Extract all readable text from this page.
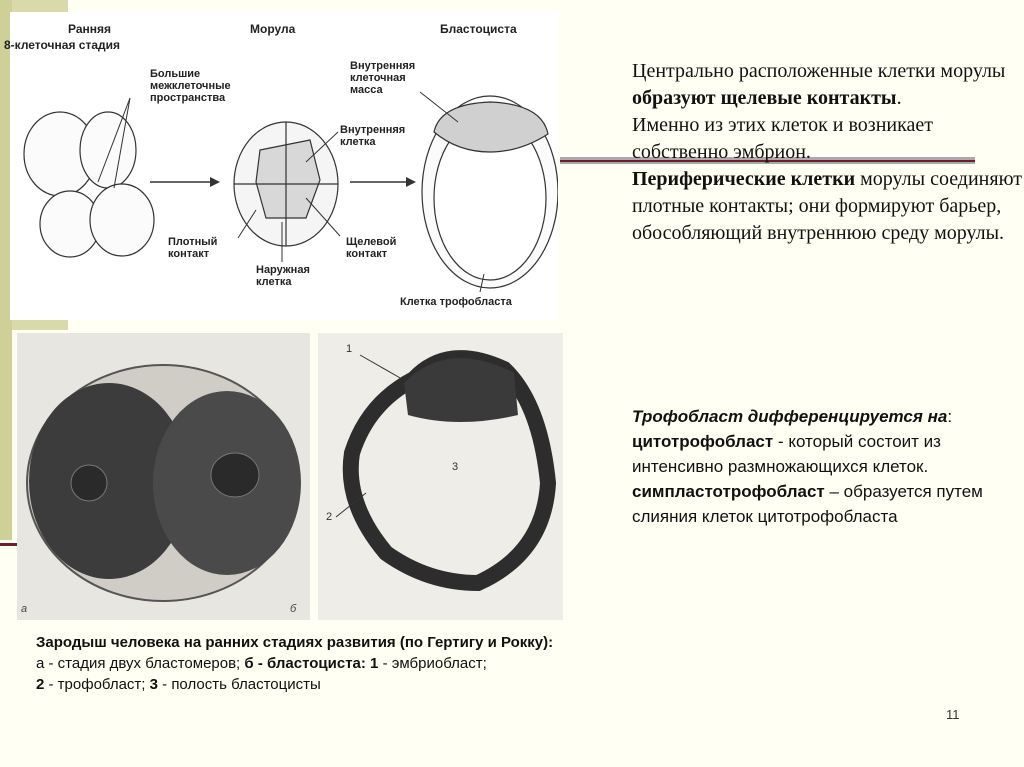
Ранняя
8-клеточная стадия
Морула	Бластоциста
Большие
межклеточные
пространства
Внутренняя
клеточная
масса
Внутренняя
клетка
Плотный
контакт
Наружная
клетка
Щелевой
контакт
Клетка трофобласта
а
1
2
3
б
Центрально расположенные клетки морулы образуют щелевые контакты.
Именно из этих клеток и возникает собственно эмбрион.
Периферические клетки морулы соединяют плотные контакты; они формируют барьер, обособляющий внутреннюю среду морулы.
Трофобласт дифференцируется на:
цитотрофобласт - который состоит из интенсивно размножающихся клеток.
симпластотрофобласт – образуется путем слияния клеток цитотрофобласта
Зародыш человека на ранних стадиях развития (по Гертигу и Рокку):
а - стадия двух бластомеров; б - бластоциста: 1 - эмбриобласт;
2 - трофобласт; 3 - полость бластоцисты
11
